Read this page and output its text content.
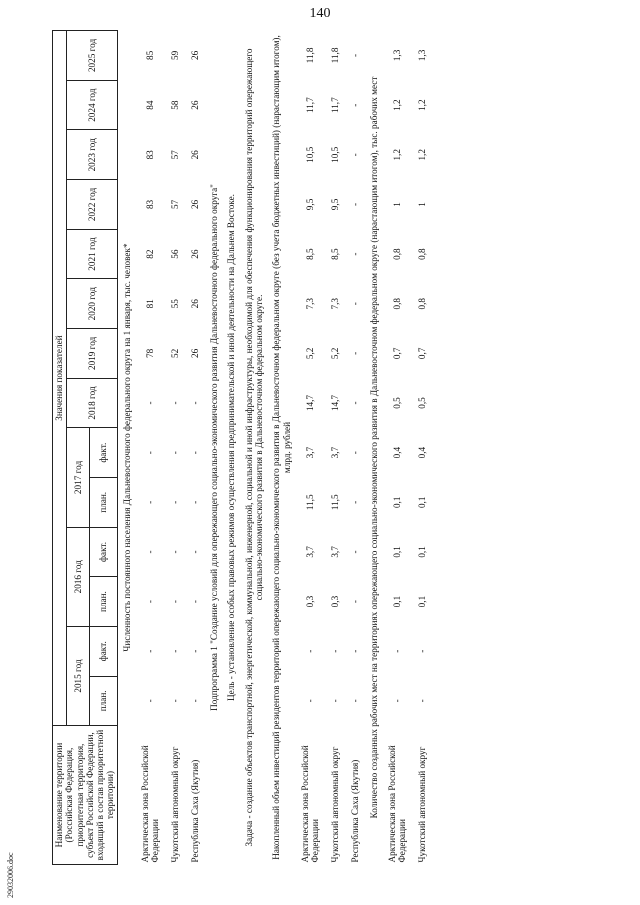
140
29032006.doc
Наименование территории (Российская Федерация, приоритетная территория, субъект Российской Федерации, входящий в состав приоритетной территории)	Значения показателей													
	2015 год		2016 год		2017 год		2018 год	2019 год	2020 год	2021 год	2022 год	2023 год	2024 год	2025 год
	план.	факт.	план.	факт.	план.	факт.								
Численность постоянного населения Дальневосточного федерального округа на 1 января, тыс. человек*														
Арктическая зона Российской Федерации	-	-	-	-	-	-	-	78	81	82	83	83	84	85
Чукотский автономный округ	-	-	-	-	-	-	-	52	55	56	57	57	58	59
Республика Саха (Якутия)	-	-	-	-	-	-	-	26	26	26	26	26	26	26
Подпрограмма 1 "Создание условий для опережающего социально-экономического развития Дальневосточного федерального округа"														
Цель - установление особых правовых режимов осуществления предпринимательской и иной деятельности на Дальнем Востоке.														
Задача - создание объектов транспортной, энергетической, коммунальной, инженерной, социальной и иной инфраструктуры, необходимой для обеспечения функционирования территорий опережающего социально-экономического развития в Дальневосточном федеральном округе.														
Накопленный объем инвестиций резидентов территорий опережающего социально-экономического развития в Дальневосточном федеральном округе (без учета бюджетных инвестиций) (нарастающим итогом), млрд. рублей														
Арктическая зона Российской Федерации	-	-	0,3	3,7	11,5	3,7	14,7	5,2	7,3	8,5	9,5	10,5	11,7	11,8
Чукотский автономный округ	-	-	0,3	3,7	11,5	3,7	14,7	5,2	7,3	8,5	9,5	10,5	11,7	11,8
Республика Саха (Якутия)	-	-	-	-	-	-	-	-	-	-	-	-	-	-
Количество созданных рабочих мест на территориях опережающего социально-экономического развития в Дальневосточном федеральном округе (нарастающим итогом), тыс. рабочих мест														
Арктическая зона Российской Федерации	-	-	0,1	0,1	0,1	0,4	0,5	0,7	0,8	0,8	1	1,2	1,2	1,3
Чукотский автономный округ	-	-	0,1	0,1	0,1	0,4	0,5	0,7	0,8	0,8	1	1,2	1,2	1,3
